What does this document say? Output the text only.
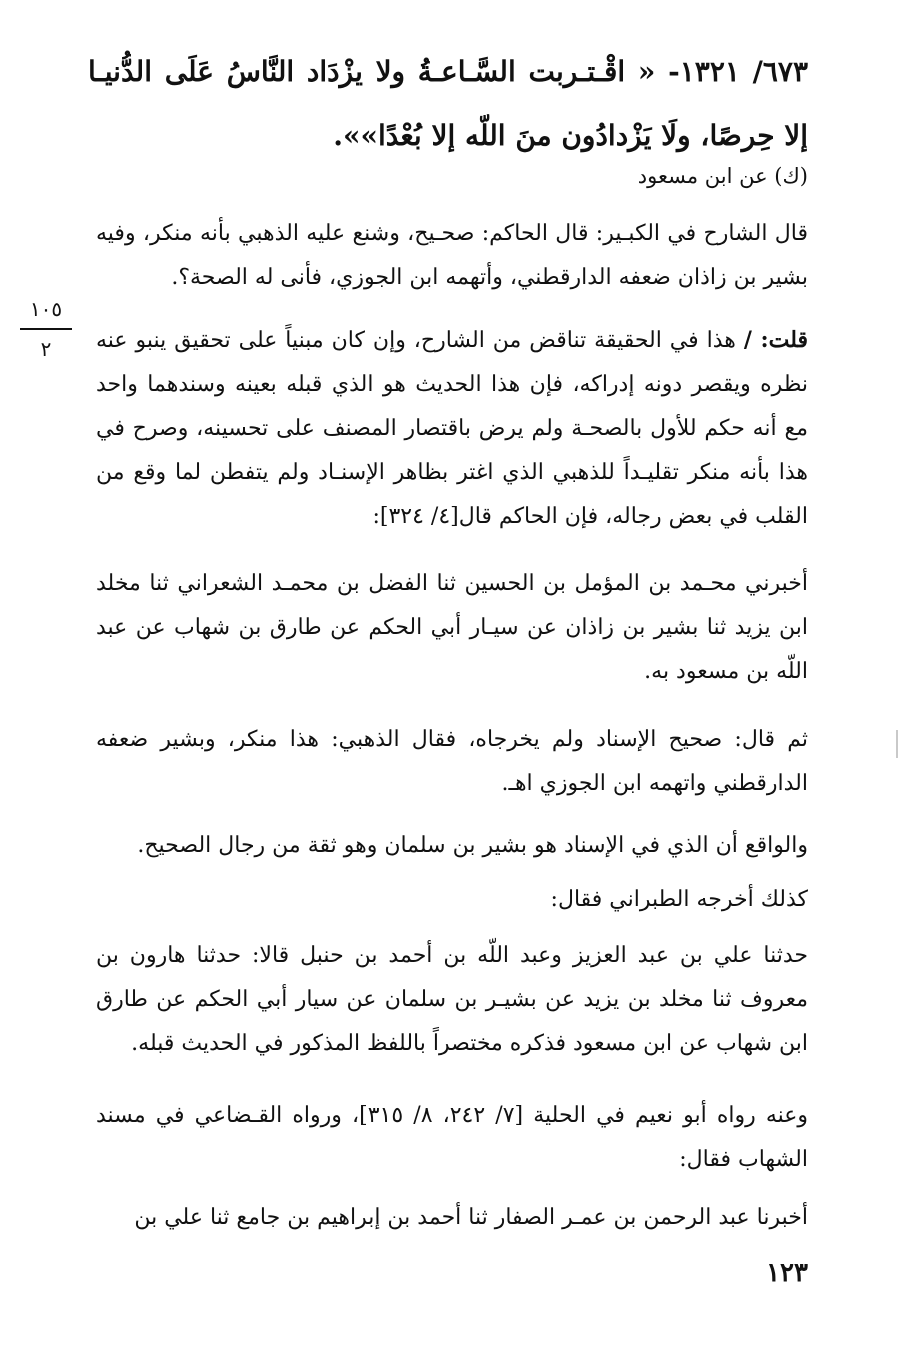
٦٧٣/ ١٣٢١- « اقْـتـربت السَّـاعـةُ ولا يزْدَاد النَّاسُ عَلَى الدُّنيـا إلا حِرصًا، ولَا يَزْدادُون منَ اللّه إلا بُعْدًا»».
(ك) عن ابن مسعود
قال الشارح في الكبـير: قال الحاكم: صحـيح، وشنع عليه الذهبي بأنه منكر، وفيه بشير بن زاذان ضعفه الدارقطني، وأتهمه ابن الجوزي، فأنى له الصحة؟.
١٠٥
٢	قلت: / هذا في الحقيقة تناقض من الشارح، وإن كان مبنياً على تحقيق ينبو عنه نظره ويقصر دونه إدراكه، فإن هذا الحديث هو الذي قبله بعينه وسندهما واحد مع أنه حكم للأول بالصحـة ولم يرض باقتصار المصنف على تحسينه، وصرح في هذا بأنه منكر تقليـداً للذهبي الذي اغتر بظاهر الإسنـاد ولم يتفطن لما وقع من القلب في بعض رجاله، فإن الحاكم قال[٤/ ٣٢٤]:
أخبرني محـمد بن المؤمل بن الحسين ثنا الفضل بن محمـد الشعراني ثنا مخلد ابن يزيد ثنا بشير بن زاذان عن سيـار أبي الحكم عن طارق بن شهاب عن عبد اللّه بن مسعود به.
ثم قال: صحيح الإسناد ولم يخرجاه، فقال الذهبي: هذا منكر، وبشير ضعفه الدارقطني واتهمه ابن الجوزي اهـ.
والواقع أن الذي في الإسناد هو بشير بن سلمان وهو ثقة من رجال الصحيح.
كذلك أخرجه الطبراني فقال:
حدثنا علي بن عبد العزيز وعبد اللّه بن أحمد بن حنبل قالا: حدثنا هارون بن معروف ثنا مخلد بن يزيد عن بشيـر بن سلمان عن سيار أبي الحكم عن طارق ابن شهاب عن ابن مسعود فذكره مختصراً باللفظ المذكور في الحديث قبله.
وعنه رواه أبو نعيم في الحلية [٧/ ٢٤٢، ٨/ ٣١٥]، ورواه القـضاعي في مسند الشهاب فقال:
أخبرنا عبد الرحمن بن عمـر الصفار ثنا أحمد بن إبراهيم بن جامع ثنا علي بن
١٢٣
